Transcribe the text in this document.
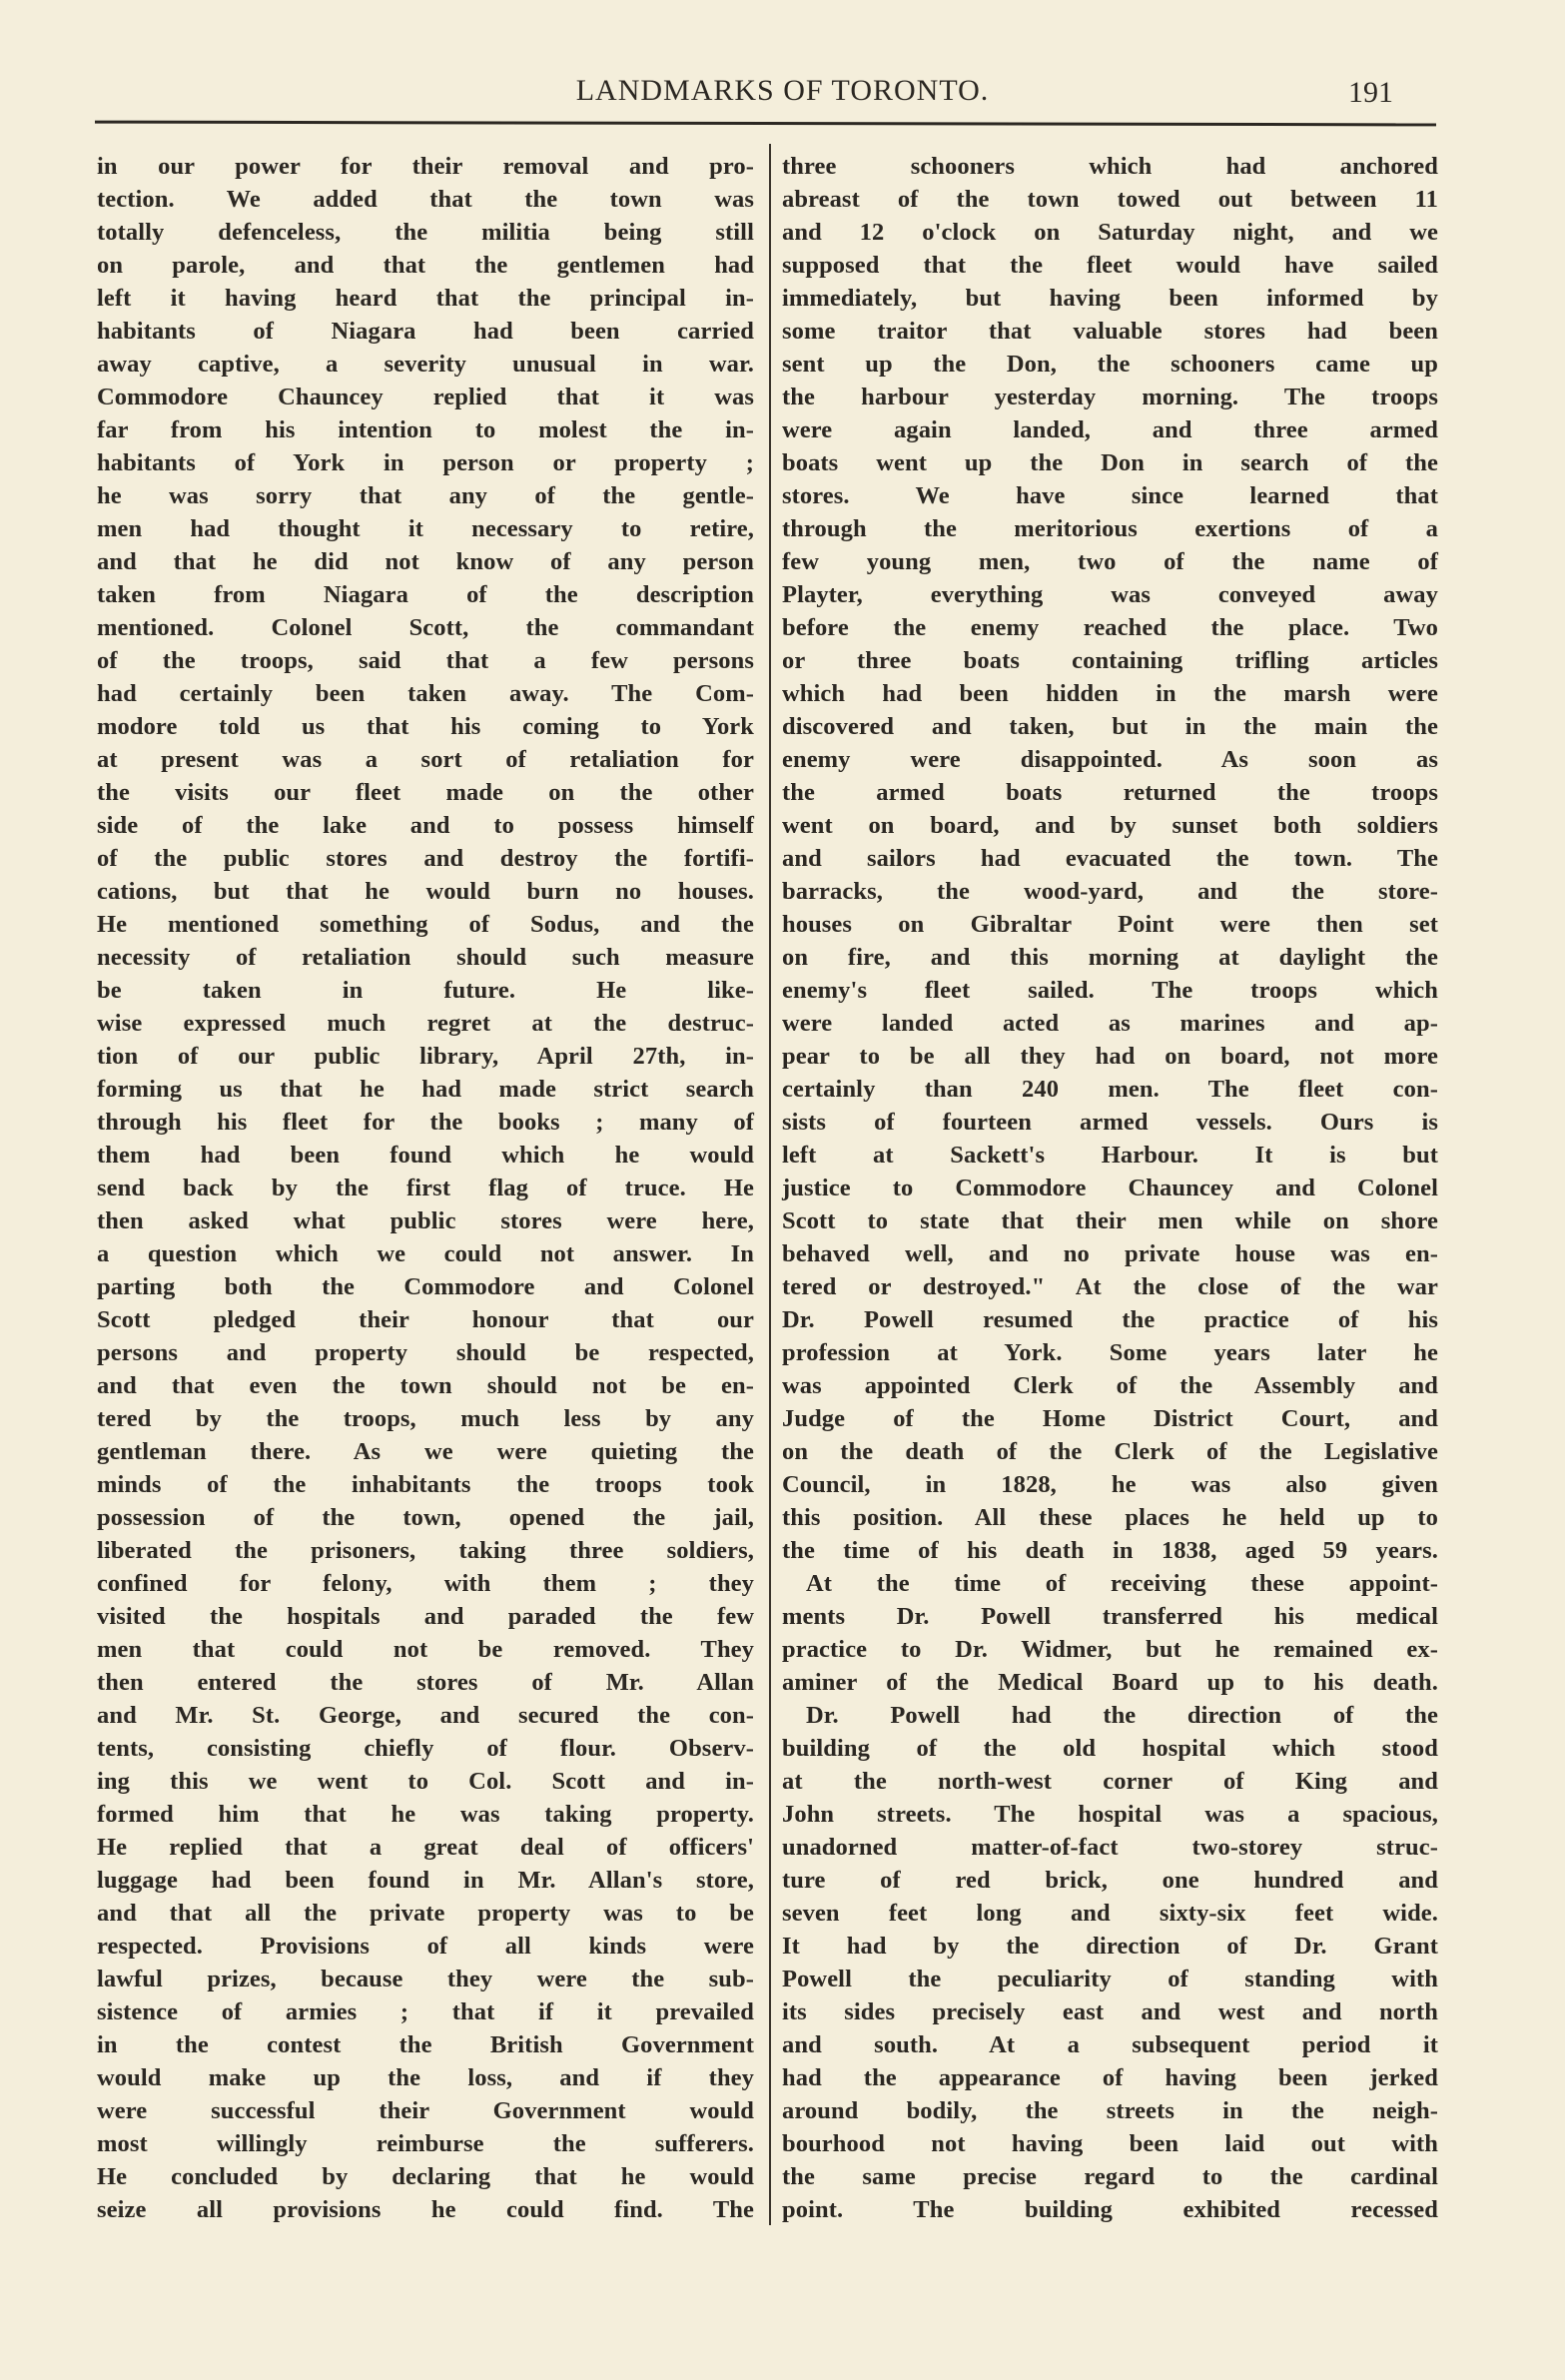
LANDMARKS OF TORONTO.	191
in our power for their removal and pro-
tection. We added that the town was
totally defenceless, the militia being still
on parole, and that the gentlemen had
left it having heard that the principal in-
habitants of Niagara had been carried
away captive, a severity unusual in war.
Commodore Chauncey replied that it was
far from his intention to molest the in-
habitants of York in person or property ;
he was sorry that any of the gentle-
men had thought it necessary to retire,
and that he did not know of any person
taken from Niagara of the description
mentioned. Colonel Scott, the commandant
of the troops, said that a few persons
had certainly been taken away. The Com-
modore told us that his coming to York
at present was a sort of retaliation for
the visits our fleet made on the other
side of the lake and to possess himself
of the public stores and destroy the fortifi-
cations, but that he would burn no houses.
He mentioned something of Sodus, and the
necessity of retaliation should such measure
be taken in future. He like-
wise expressed much regret at the destruc-
tion of our public library, April 27th, in-
forming us that he had made strict search
through his fleet for the books ; many of
them had been found which he would
send back by the first flag of truce. He
then asked what public stores were here,
a question which we could not answer. In
parting both the Commodore and Colonel
Scott pledged their honour that our
persons and property should be respected,
and that even the town should not be en-
tered by the troops, much less by any
gentleman there. As we were quieting the
minds of the inhabitants the troops took
possession of the town, opened the jail,
liberated the prisoners, taking three soldiers,
confined for felony, with them ; they
visited the hospitals and paraded the few
men that could not be removed. They
then entered the stores of Mr. Allan
and Mr. St. George, and secured the con-
tents, consisting chiefly of flour. Observ-
ing this we went to Col. Scott and in-
formed him that he was taking property.
He replied that a great deal of officers'
luggage had been found in Mr. Allan's store,
and that all the private property was to be
respected. Provisions of all kinds were
lawful prizes, because they were the sub-
sistence of armies ; that if it prevailed
in the contest the British Government
would make up the loss, and if they
were successful their Government would
most willingly reimburse the sufferers.
He concluded by declaring that he would
seize all provisions he could find. The
three schooners which had anchored
abreast of the town towed out between 11
and 12 o'clock on Saturday night, and we
supposed that the fleet would have sailed
immediately, but having been informed by
some traitor that valuable stores had been
sent up the Don, the schooners came up
the harbour yesterday morning. The troops
were again landed, and three armed
boats went up the Don in search of the
stores. We have since learned that
through the meritorious exertions of a
few young men, two of the name of
Playter, everything was conveyed away
before the enemy reached the place. Two
or three boats containing trifling articles
which had been hidden in the marsh were
discovered and taken, but in the main the
enemy were disappointed. As soon as
the armed boats returned the troops
went on board, and by sunset both soldiers
and sailors had evacuated the town. The
barracks, the wood-yard, and the store-
houses on Gibraltar Point were then set
on fire, and this morning at daylight the
enemy's fleet sailed. The troops which
were landed acted as marines and ap-
pear to be all they had on board, not more
certainly than 240 men. The fleet con-
sists of fourteen armed vessels. Ours is
left at Sackett's Harbour. It is but
justice to Commodore Chauncey and Colonel
Scott to state that their men while on shore
behaved well, and no private house was en-
tered or destroyed." At the close of the war
Dr. Powell resumed the practice of his
profession at York. Some years later he
was appointed Clerk of the Assembly and
Judge of the Home District Court, and
on the death of the Clerk of the Legislative
Council, in 1828, he was also given
this position. All these places he held up to
the time of his death in 1838, aged 59 years.
At the time of receiving these appoint-
ments Dr. Powell transferred his medical
practice to Dr. Widmer, but he remained ex-
aminer of the Medical Board up to his death.
Dr. Powell had the direction of the
building of the old hospital which stood
at the north-west corner of King and
John streets. The hospital was a spacious,
unadorned matter-of-fact two-storey struc-
ture of red brick, one hundred and
seven feet long and sixty-six feet wide.
It had by the direction of Dr. Grant
Powell the peculiarity of standing with
its sides precisely east and west and north
and south. At a subsequent period it
had the appearance of having been jerked
around bodily, the streets in the neigh-
bourhood not having been laid out with
the same precise regard to the cardinal
point. The building exhibited recessed
